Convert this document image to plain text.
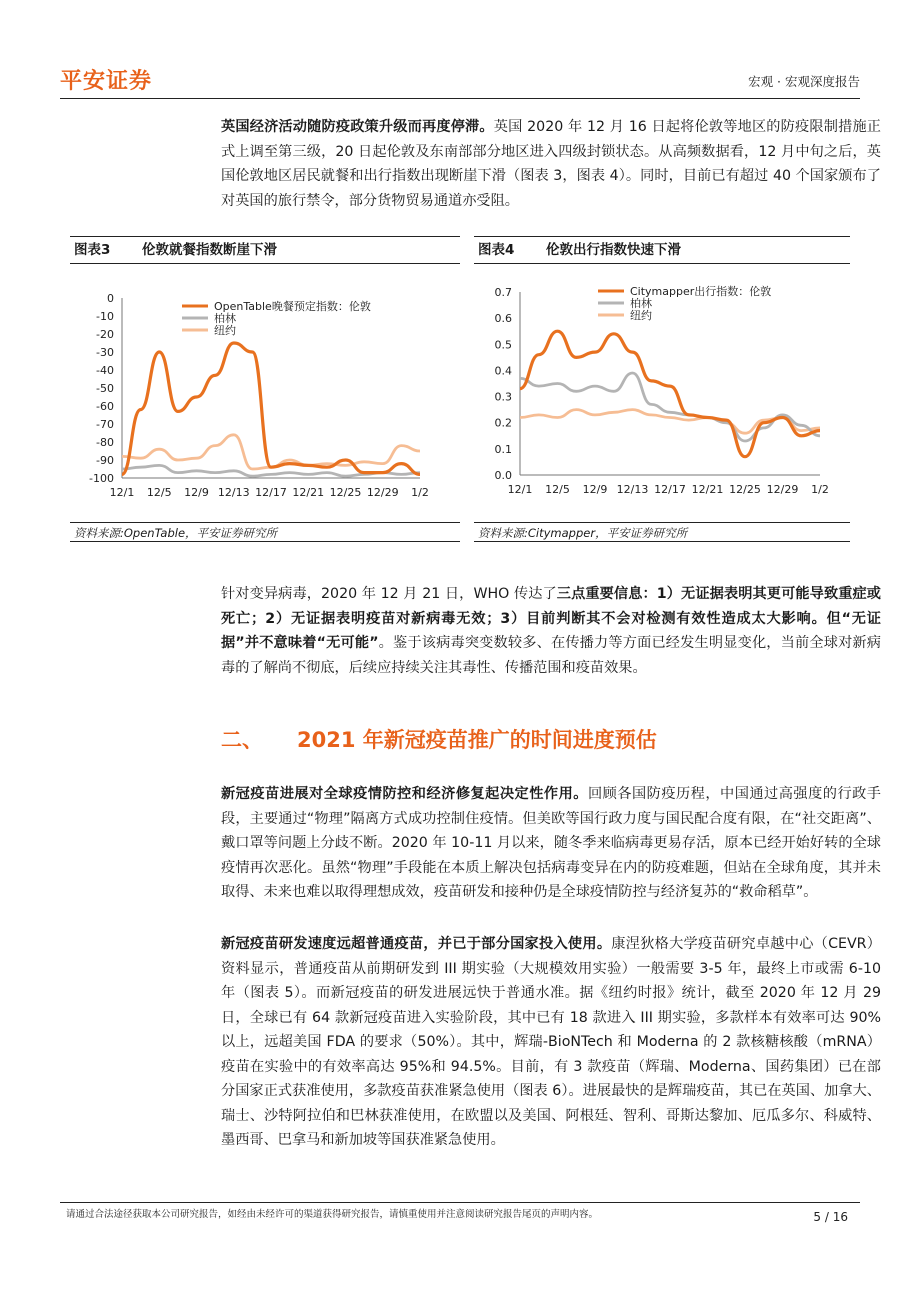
平安证券	宏观 · 宏观深度报告

英国经济活动随防疫政策升级而再度停滞。英国 2020 年 12 月 16 日起将伦敦等地区的防疫限制措施正式上调至第三级，20 日起伦敦及东南部部分地区进入四级封锁状态。从高频数据看，12 月中旬之后，英国伦敦地区居民就餐和出行指数出现断崖下滑（图表 3，图表 4）。同时，目前已有超过 40 个国家颁布了对英国的旅行禁令，部分货物贸易通道亦受阻。

图表3 伦敦就餐指数断崖下滑
0
-10
-20
-30
-40
-50
-60
-70
-80
-90
-100
12/1 12/5 12/9 12/13 12/17 12/21 12/25 12/29 1/2
OpenTable晚餐预定指数：伦敦
柏林
纽约
资料来源:OpenTable，平安证券研究所
图表4 伦敦出行指数快速下滑
0.0
0.1
0.2
0.3
0.4
0.5
0.6
0.7
12/1 12/5 12/9 12/13 12/17 12/21 12/25 12/29 1/2
Citymapper出行指数：伦敦
柏林
纽约
资料来源:Citymapper，平安证券研究所

针对变异病毒，2020 年 12 月 21 日，WHO 传达了三点重要信息：1）无证据表明其更可能导致重症或死亡；2）无证据表明疫苗对新病毒无效；3）目前判断其不会对检测有效性造成太大影响。但“无证据”并不意味着“无可能”。鉴于该病毒突变数较多、在传播力等方面已经发生明显变化，当前全球对新病毒的了解尚不彻底，后续应持续关注其毒性、传播范围和疫苗效果。

二、 2021 年新冠疫苗推广的时间进度预估

新冠疫苗进展对全球疫情防控和经济修复起决定性作用。回顾各国防疫历程，中国通过高强度的行政手段，主要通过“物理”隔离方式成功控制住疫情。但美欧等国行政力度与国民配合度有限，在“社交距离”、戴口罩等问题上分歧不断。2020 年 10-11 月以来，随冬季来临病毒更易存活，原本已经开始好转的全球疫情再次恶化。虽然“物理”手段能在本质上解决包括病毒变异在内的防疫难题，但站在全球角度，其并未取得、未来也难以取得理想成效，疫苗研发和接种仍是全球疫情防控与经济复苏的“救命稻草”。

新冠疫苗研发速度远超普通疫苗，并已于部分国家投入使用。康涅狄格大学疫苗研究卓越中心（CEVR）资料显示，普通疫苗从前期研发到 III 期实验（大规模效用实验）一般需要 3-5 年，最终上市或需 6-10 年（图表 5）。而新冠疫苗的研发进展远快于普通水准。据《纽约时报》统计，截至 2020 年 12 月 29 日，全球已有 64 款新冠疫苗进入实验阶段，其中已有 18 款进入 III 期实验，多款样本有效率可达 90%以上，远超美国 FDA 的要求（50%）。其中，辉瑞-BioNTech 和 Moderna 的 2 款核糖核酸（mRNA）疫苗在实验中的有效率高达 95%和 94.5%。目前，有 3 款疫苗（辉瑞、Moderna、国药集团）已在部分国家正式获准使用，多款疫苗获准紧急使用（图表 6）。进展最快的是辉瑞疫苗，其已在英国、加拿大、瑞士、沙特阿拉伯和巴林获准使用，在欧盟以及美国、阿根廷、智利、哥斯达黎加、厄瓜多尔、科威特、墨西哥、巴拿马和新加坡等国获准紧急使用。

请通过合法途径获取本公司研究报告，如经由未经许可的渠道获得研究报告，请慎重使用并注意阅读研究报告尾页的声明内容。	5 / 16
